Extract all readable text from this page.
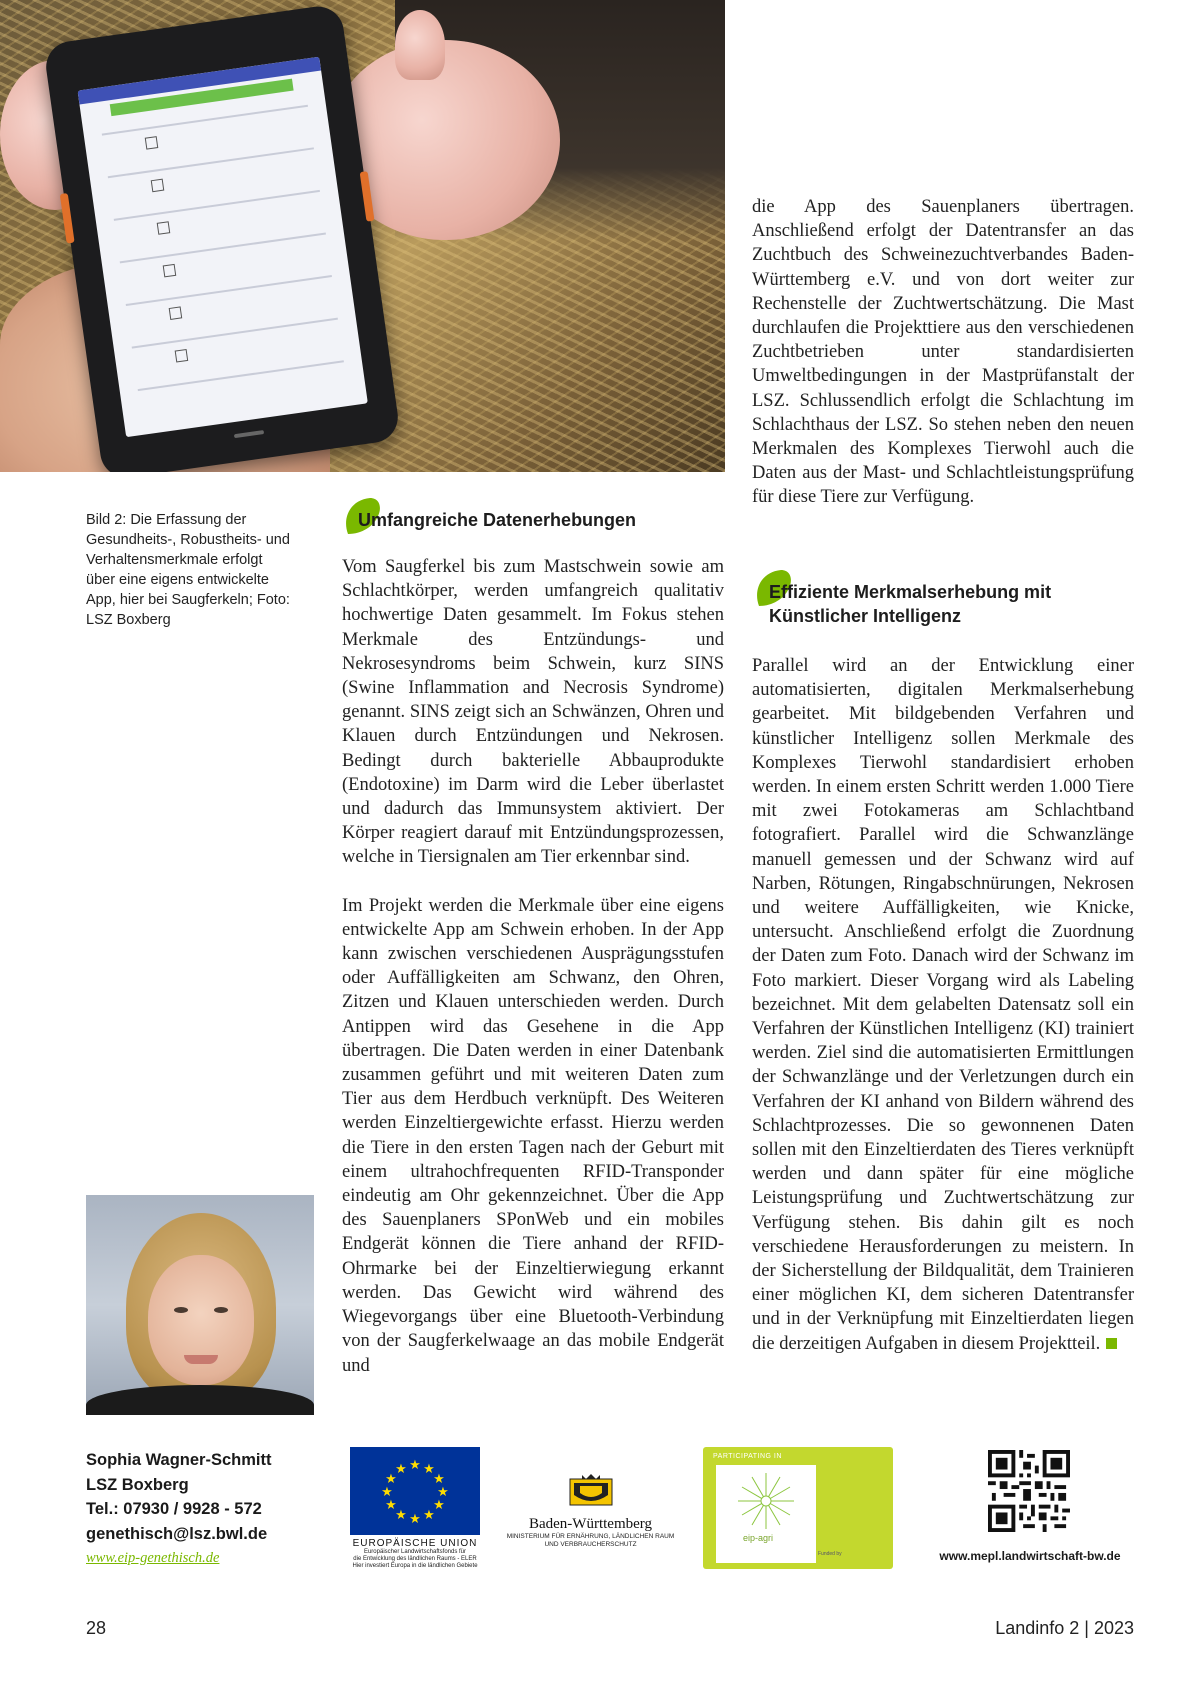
Bild 2: Die Erfassung der Gesundheits-, Robustheits- und Verhaltensmerkmale erfolgt über eine eigens entwickelte App, hier bei Saugferkeln; Foto: LSZ Boxberg
Umfangreiche Datenerhebungen

Vom Saugferkel bis zum Mastschwein sowie am Schlachtkörper, werden umfangreich qualitativ hochwertige Daten gesammelt. Im Fokus stehen Merkmale des Entzündungs- und Nekrosesyndroms beim Schwein, kurz SINS (Swine Inflammation and Necrosis Syndrome) genannt. SINS zeigt sich an Schwänzen, Ohren und Klauen durch Entzündungen und Nekrosen. Bedingt durch bakterielle Abbauprodukte (Endotoxine) im Darm wird die Leber überlastet und dadurch das Immunsystem aktiviert. Der Körper reagiert darauf mit Entzündungsprozessen, welche in Tiersignalen am Tier erkennbar sind.

Im Projekt werden die Merkmale über eine eigens entwickelte App am Schwein erhoben. In der App kann zwischen verschiedenen Ausprägungsstufen oder Auffälligkeiten am Schwanz, den Ohren, Zitzen und Klauen unterschieden werden. Durch Antippen wird das Gesehene in die App übertragen. Die Daten werden in einer Datenbank zusammen geführt und mit weiteren Daten zum Tier aus dem Herdbuch verknüpft. Des Weiteren werden Einzeltiergewichte erfasst. Hierzu werden die Tiere in den ersten Tagen nach der Geburt mit einem ultrahochfrequenten RFID-Transponder eindeutig am Ohr gekennzeichnet. Über die App des Sauenplaners SPonWeb und ein mobiles Endgerät können die Tiere anhand der RFID-Ohrmarke bei der Einzeltierwiegung erkannt werden. Das Gewicht wird während des Wiegevorgangs über eine Bluetooth-Verbindung von der Saugferkelwaage an das mobile Endgerät und

die App des Sauenplaners übertragen. Anschließend erfolgt der Datentransfer an das Zuchtbuch des Schweinezuchtverbandes Baden-Württemberg e.V. und von dort weiter zur Rechenstelle der Zuchtwertschätzung. Die Mast durchlaufen die Projekttiere aus den verschiedenen Zuchtbetrieben unter standardisierten Umweltbedingungen in der Mastprüfanstalt der LSZ. Schlussendlich erfolgt die Schlachtung im Schlachthaus der LSZ. So stehen neben den neuen Merkmalen des Komplexes Tierwohl auch die Daten aus der Mast- und Schlachtleistungsprüfung für diese Tiere zur Verfügung.

Effiziente Merkmalserhebung mit
Künstlicher Intelligenz

Parallel wird an der Entwicklung einer automatisierten, digitalen Merkmalserhebung gearbeitet. Mit bildgebenden Verfahren und künstlicher Intelligenz sollen Merkmale des Komplexes Tierwohl standardisiert erhoben werden. In einem ersten Schritt werden 1.000 Tiere mit zwei Fotokameras am Schlachtband fotografiert. Parallel wird die Schwanzlänge manuell gemessen und der Schwanz wird auf Narben, Rötungen, Ringabschnürungen, Nekrosen und weitere Auffälligkeiten, wie Knicke, untersucht. Anschließend erfolgt die Zuordnung der Daten zum Foto. Danach wird der Schwanz im Foto markiert. Dieser Vorgang wird als Labeling bezeichnet. Mit dem gelabelten Datensatz soll ein Verfahren der Künstlichen Intelligenz (KI) trainiert werden. Ziel sind die automatisierten Ermittlungen der Schwanzlänge und der Verletzungen durch ein Verfahren der KI anhand von Bildern während des Schlachtprozesses. Die so gewonnenen Daten sollen mit den Einzeltierdaten des Tieres verknüpft werden und dann später für eine mögliche Leistungsprüfung und Zuchtwertschätzung zur Verfügung stehen. Bis dahin gilt es noch verschiedene Herausforderungen zu meistern. In der Sicherstellung der Bildqualität, dem Trainieren einer möglichen KI, dem sicheren Datentransfer und in der Verknüpfung mit Einzeltierdaten liegen die derzeitigen Aufgaben in diesem Projektteil.

Sophia Wagner-Schmitt
LSZ Boxberg
Tel.: 07930 / 9928 - 572
genethisch@lsz.bwl.de
www.eip-genethisch.de
★ ★
★
★
★
★
★
★
★
★
★
★
EUROPÄISCHE UNION
Europäischer Landwirtschaftsfonds für
die Entwicklung des ländlichen Raums - ELER
Hier investiert Europa in die ländlichen Gebiete
Baden-Württemberg
MINISTERIUM FÜR ERNÄHRUNG, LÄNDLICHEN RAUM
UND VERBRAUCHERSCHUTZ
PARTICIPATING IN
eip-agri
Funded by	www.mepl.landwirtschaft-bw.de
28	Landinfo 2 | 2023
